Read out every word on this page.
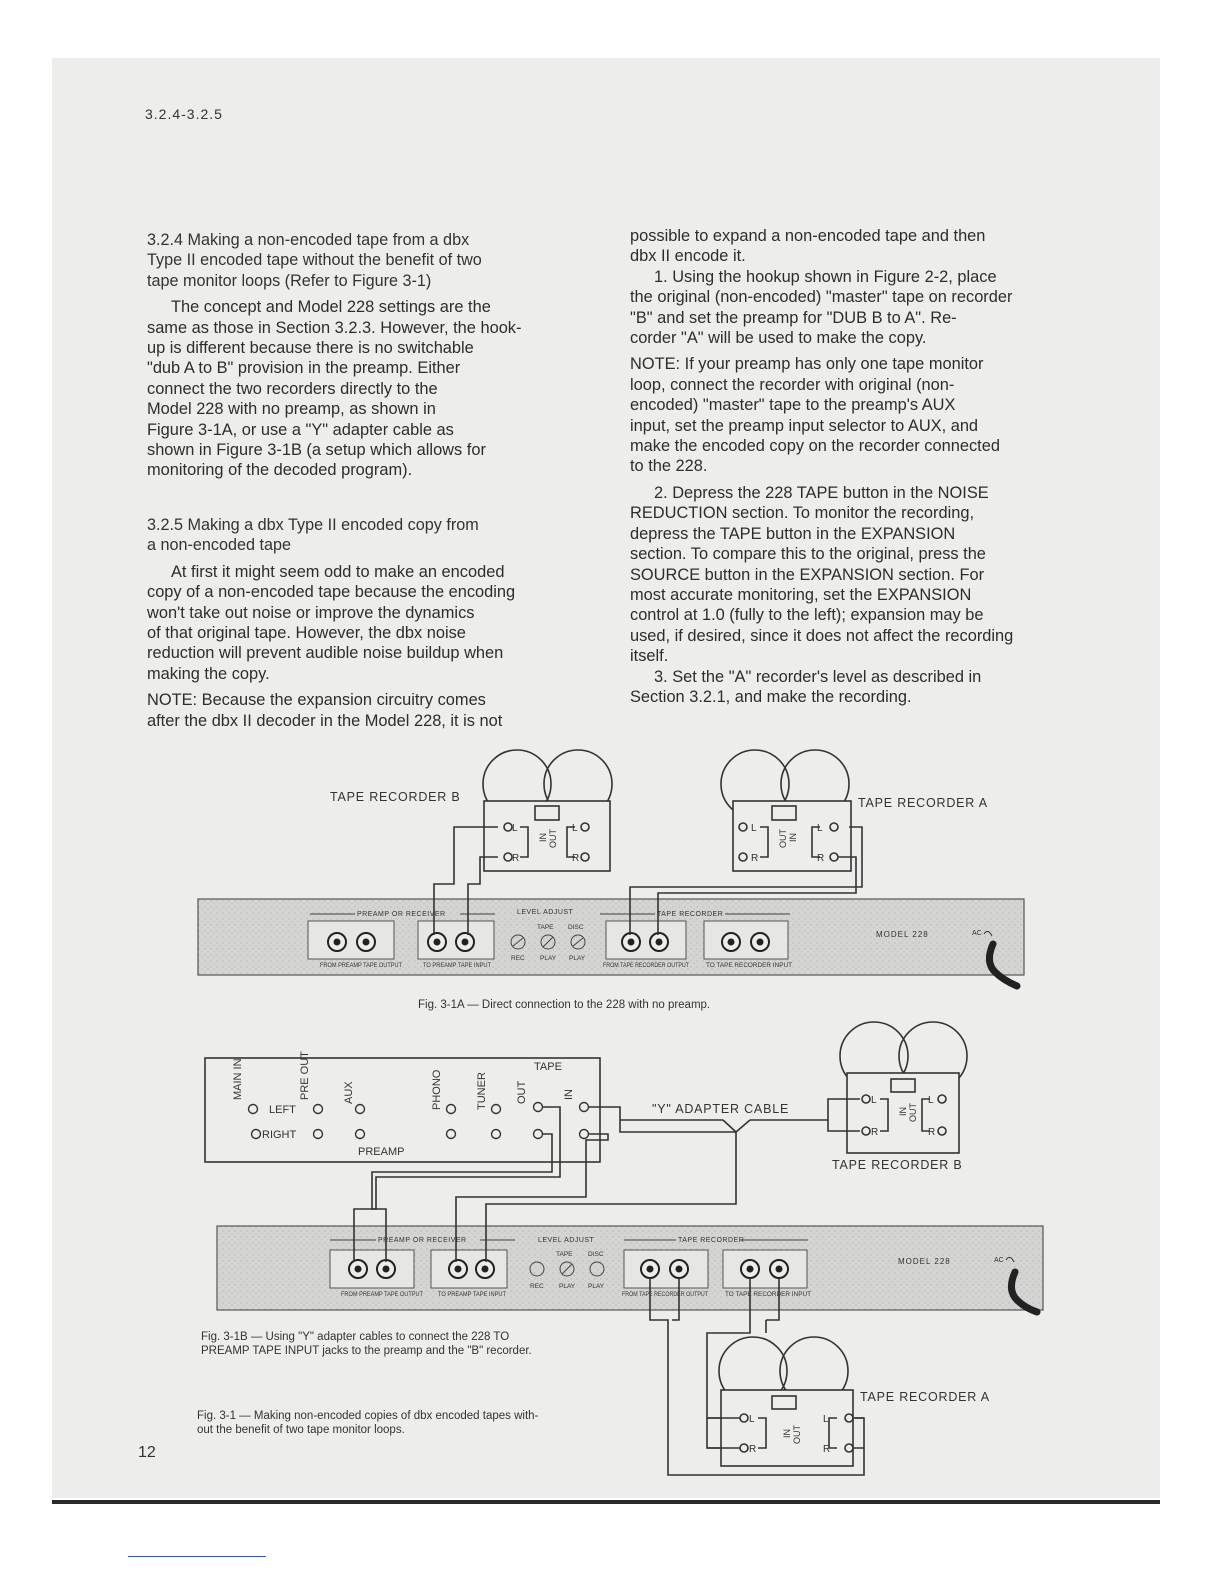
3.2.4-3.2.5
3.2.4 Making a non-encoded tape from a dbx
Type II encoded tape without the benefit of two
tape monitor loops (Refer to Figure 3-1)
The concept and Model 228 settings are the
same as those in Section 3.2.3. However, the hook-
up is different because there is no switchable
"dub A to B" provision in the preamp. Either
connect the two recorders directly to the
Model 228 with no preamp, as shown in
Figure 3-1A, or use a "Y" adapter cable as
shown in Figure 3-1B (a setup which allows for
monitoring of the decoded program).
3.2.5 Making a dbx Type II encoded copy from
a non-encoded tape
At first it might seem odd to make an encoded
copy of a non-encoded tape because the encoding
won't take out noise or improve the dynamics
of that original tape. However, the dbx noise
reduction will prevent audible noise buildup when
making the copy.
NOTE: Because the expansion circuitry comes
after the dbx II decoder in the Model 228, it is not
possible to expand a non-encoded tape and then
dbx II encode it.
1. Using the hookup shown in Figure 2-2, place
the original (non-encoded) "master" tape on recorder
"B" and set the preamp for "DUB B to A". Re-
corder "A" will be used to make the copy.
NOTE: If your preamp has only one tape monitor
loop, connect the recorder with original (non-
encoded) "master" tape to the preamp's AUX
input, set the preamp input selector to AUX, and
make the encoded copy on the recorder connected
to the 228.
2. Depress the 228 TAPE button in the NOISE
REDUCTION section. To monitor the recording,
depress the TAPE button in the EXPANSION
section. To compare this to the original, press the
SOURCE button in the EXPANSION section. For
most accurate monitoring, set the EXPANSION
control at 1.0 (fully to the left); expansion may be
used, if desired, since it does not affect the recording
itself.
3. Set the "A" recorder's level as described in
Section 3.2.1, and make the recording.
12
TAPE RECORDER B
L
R
L
R
IN OUT
TAPE RECORDER A
L
R
L
R
OUT IN
PREAMP OR RECEIVER	LEVEL ADJUST
TAPE DISC
TAPE RECORDER
REC PLAY PLAY
FROM PREAMP TAPE OUTPUT	TO PREAMP TAPE INPUT	FROM TAPE RECORDER OUTPUT	TO TAPE RECORDER INPUT
MODEL 228	AC
Fig. 3-1A — Direct connection to the 228 with no preamp.
MAIN IN	PRE OUT	AUX	PHONO	TUNER
TAPE
OUT	IN
LEFT
RIGHT
PREAMP
L
R
L
R
IN OUT
TAPE RECORDER B
"Y" ADAPTER CABLE
PREAMP OR RECEIVER	LEVEL ADJUST
TAPE DISC
TAPE RECORDER
REC PLAY PLAY
FROM PREAMP TAPE OUTPUT TO PREAMP TAPE INPUT	FROM TAPE RECORDER OUTPUT	TO TAPE RECORDER INPUT
MODEL 228	AC
L
R
L
R
IN OUT
TAPE RECORDER A
Fig. 3-1B — Using "Y" adapter cables to connect the 228 TO
PREAMP TAPE INPUT jacks to the preamp and the "B" recorder.
Fig. 3-1 — Making non-encoded copies of dbx encoded tapes with-
out the benefit of two tape monitor loops.
